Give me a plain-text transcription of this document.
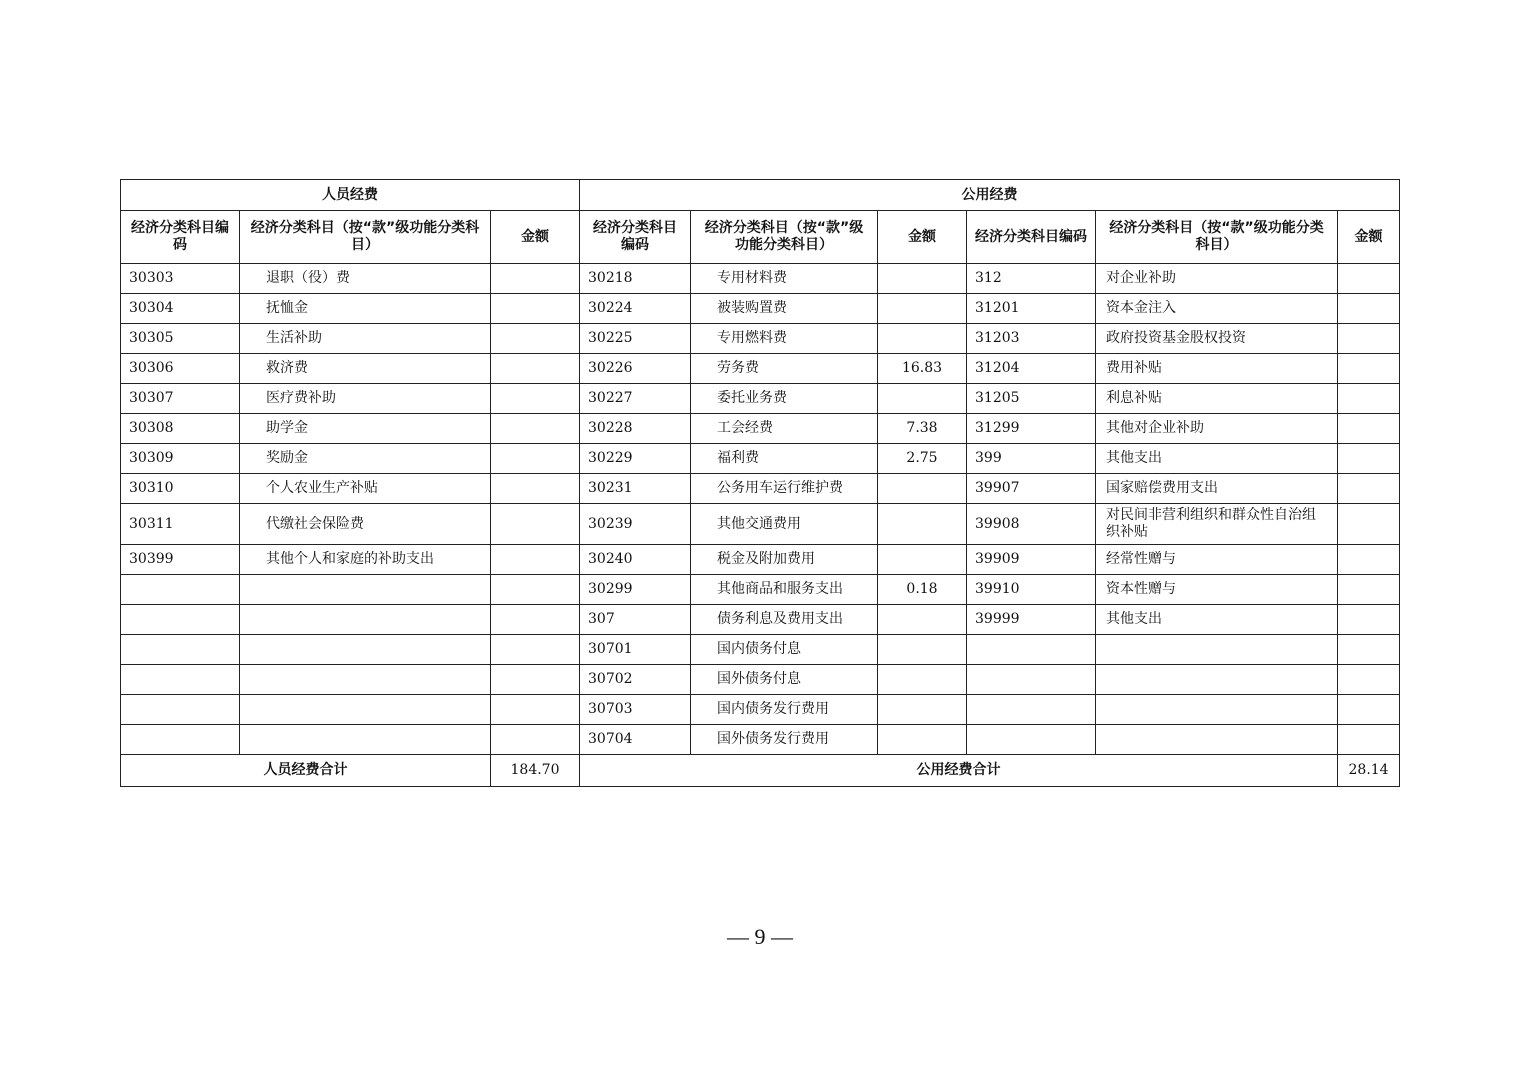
人员经费			公用经费					
经济分类科目编码	经济分类科目（按“款”级功能分类科目）	金额	经济分类科目编码	经济分类科目（按“款”级功能分类科目）	金额	经济分类科目编码	经济分类科目（按“款”级功能分类科目）	金额
30303	退职（役）费		30218	专用材料费		312	对企业补助	
30304	抚恤金		30224	被装购置费		31201	资本金注入	
30305	生活补助		30225	专用燃料费		31203	政府投资基金股权投资	
30306	救济费		30226	劳务费	16.83	31204	费用补贴	
30307	医疗费补助		30227	委托业务费		31205	利息补贴	
30308	助学金		30228	工会经费	7.38	31299	其他对企业补助	
30309	奖励金		30229	福利费	2.75	399	其他支出	
30310	个人农业生产补贴		30231	公务用车运行维护费		39907	国家赔偿费用支出	
30311	代缴社会保险费		30239	其他交通费用		39908	对民间非营利组织和群众性自治组织补贴	
30399	其他个人和家庭的补助支出		30240	税金及附加费用		39909	经常性赠与	
			30299	其他商品和服务支出	0.18	39910	资本性赠与	
			307	债务利息及费用支出		39999	其他支出	
			30701	国内债务付息				
			30702	国外债务付息				
			30703	国内债务发行费用				
			30704	国外债务发行费用				
人员经费合计		184.70	公用经费合计					28.14
— 9 —
